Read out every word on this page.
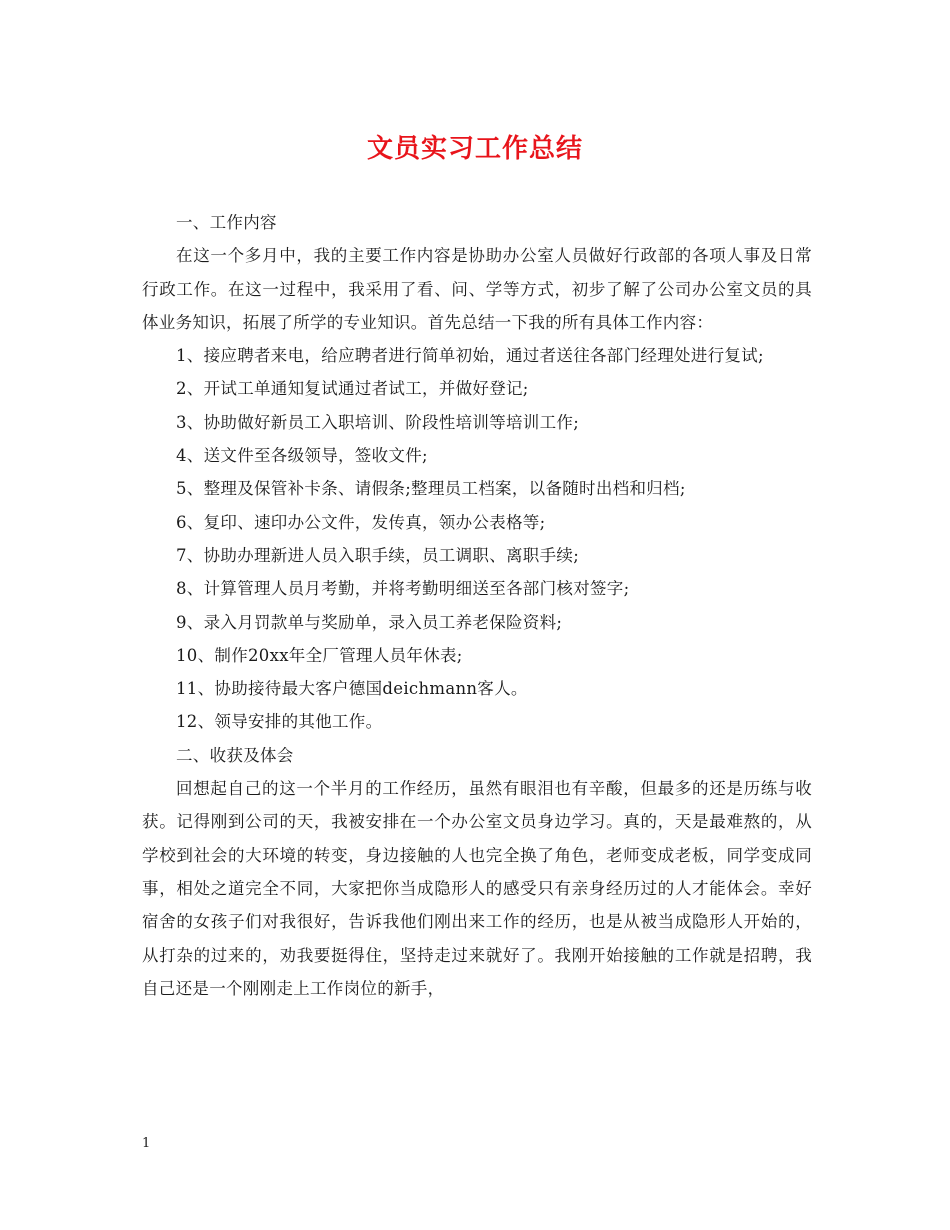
文员实习工作总结

一、工作内容

在这一个多月中，我的主要工作内容是协助办公室人员做好行政部的各项人事及日常行政工作。在这一过程中，我采用了看、问、学等方式，初步了解了公司办公室文员的具体业务知识，拓展了所学的专业知识。首先总结一下我的所有具体工作内容：

1、接应聘者来电，给应聘者进行简单初始，通过者送往各部门经理处进行复试;

2、开试工单通知复试通过者试工，并做好登记;

3、协助做好新员工入职培训、阶段性培训等培训工作;

4、送文件至各级领导，签收文件;

5、整理及保管补卡条、请假条;整理员工档案，以备随时出档和归档;

6、复印、速印办公文件，发传真，领办公表格等;

7、协助办理新进人员入职手续，员工调职、离职手续;

8、计算管理人员月考勤，并将考勤明细送至各部门核对签字;

9、录入月罚款单与奖励单，录入员工养老保险资料;

10、制作20xx年全厂管理人员年休表;

11、协助接待最大客户德国deichmann客人。

12、领导安排的其他工作。

二、收获及体会

回想起自己的这一个半月的工作经历，虽然有眼泪也有辛酸，但最多的还是历练与收获。记得刚到公司的天，我被安排在一个办公室文员身边学习。真的，天是最难熬的，从学校到社会的大环境的转变，身边接触的人也完全换了角色，老师变成老板，同学变成同事，相处之道完全不同，大家把你当成隐形人的感受只有亲身经历过的人才能体会。幸好宿舍的女孩子们对我很好，告诉我他们刚出来工作的经历，也是从被当成隐形人开始的，从打杂的过来的，劝我要挺得住，坚持走过来就好了。我刚开始接触的工作就是招聘，我自己还是一个刚刚走上工作岗位的新手，

1
